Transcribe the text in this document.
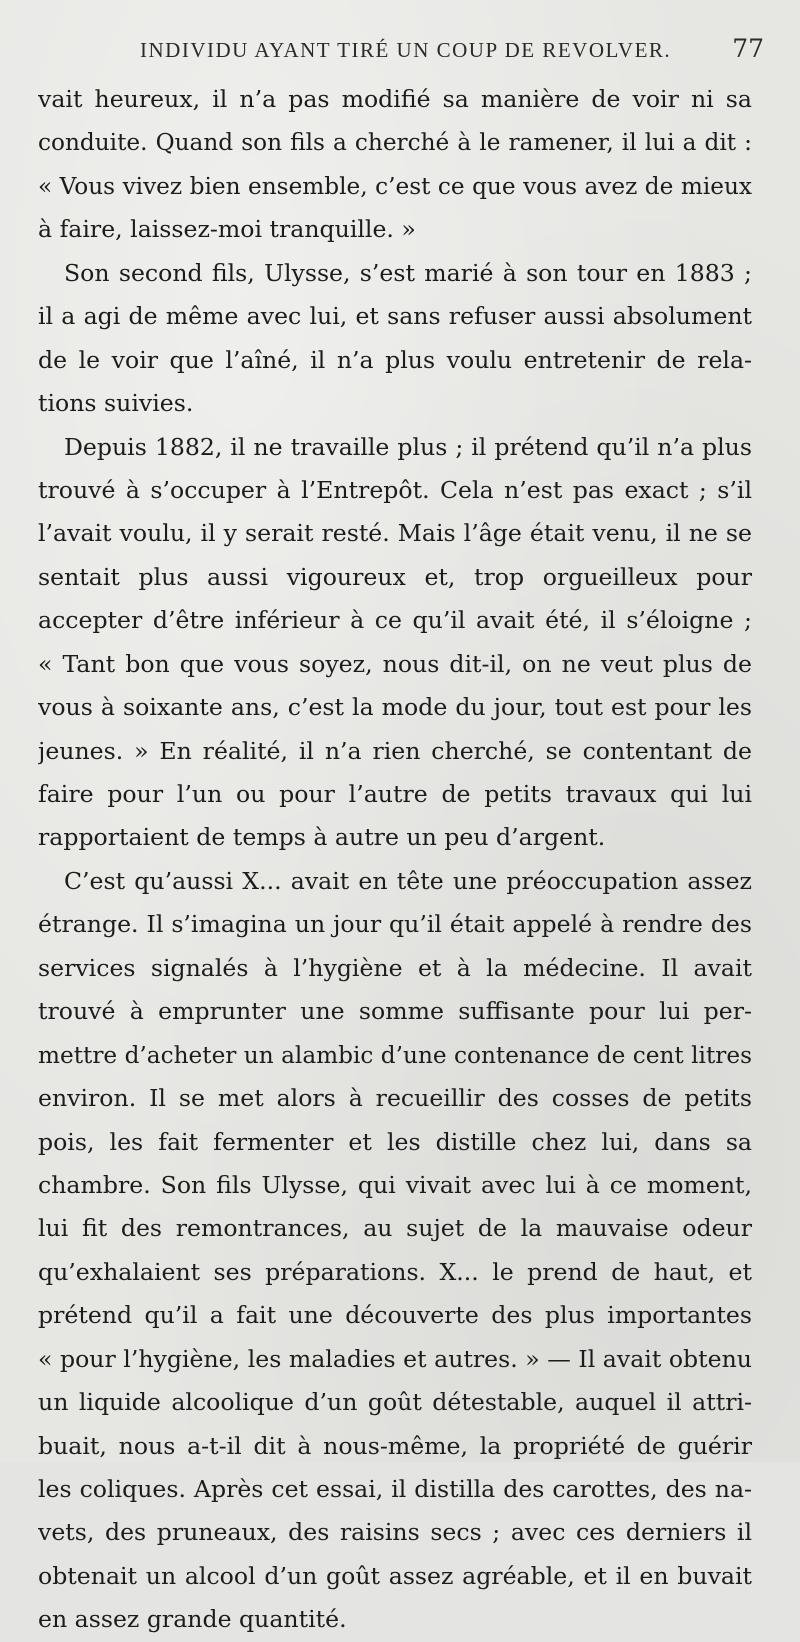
INDIVIDU AYANT TIRÉ UN COUP DE REVOLVER. 77
vait heureux, il n’a pas modifié sa manière de voir ni sa
conduite. Quand son fils a cherché à le ramener, il lui a dit :
« Vous vivez bien ensemble, c’est ce que vous avez de mieux
à faire, laissez-moi tranquille. »
Son second fils, Ulysse, s’est marié à son tour en 1883 ;
il a agi de même avec lui, et sans refuser aussi absolument
de le voir que l’aîné, il n’a plus voulu entretenir de rela-
tions suivies.
Depuis 1882, il ne travaille plus ; il prétend qu’il n’a plus
trouvé à s’occuper à l’Entrepôt. Cela n’est pas exact ; s’il
l’avait voulu, il y serait resté. Mais l’âge était venu, il ne se
sentait plus aussi vigoureux et, trop orgueilleux pour
accepter d’être inférieur à ce qu’il avait été, il s’éloigne ;
« Tant bon que vous soyez, nous dit-il, on ne veut plus de
vous à soixante ans, c’est la mode du jour, tout est pour les
jeunes. » En réalité, il n’a rien cherché, se contentant de
faire pour l’un ou pour l’autre de petits travaux qui lui
rapportaient de temps à autre un peu d’argent.
C’est qu’aussi X... avait en tête une préoccupation assez
étrange. Il s’imagina un jour qu’il était appelé à rendre des
services signalés à l’hygiène et à la médecine. Il avait
trouvé à emprunter une somme suffisante pour lui per-
mettre d’acheter un alambic d’une contenance de cent litres
environ. Il se met alors à recueillir des cosses de petits
pois, les fait fermenter et les distille chez lui, dans sa
chambre. Son fils Ulysse, qui vivait avec lui à ce moment,
lui fit des remontrances, au sujet de la mauvaise odeur
qu’exhalaient ses préparations. X... le prend de haut, et
prétend qu’il a fait une découverte des plus importantes
« pour l’hygiène, les maladies et autres. » — Il avait obtenu
un liquide alcoolique d’un goût détestable, auquel il attri-
buait, nous a-t-il dit à nous-même, la propriété de guérir
les coliques. Après cet essai, il distilla des carottes, des na-
vets, des pruneaux, des raisins secs ; avec ces derniers il
obtenait un alcool d’un goût assez agréable, et il en buvait
en assez grande quantité.
